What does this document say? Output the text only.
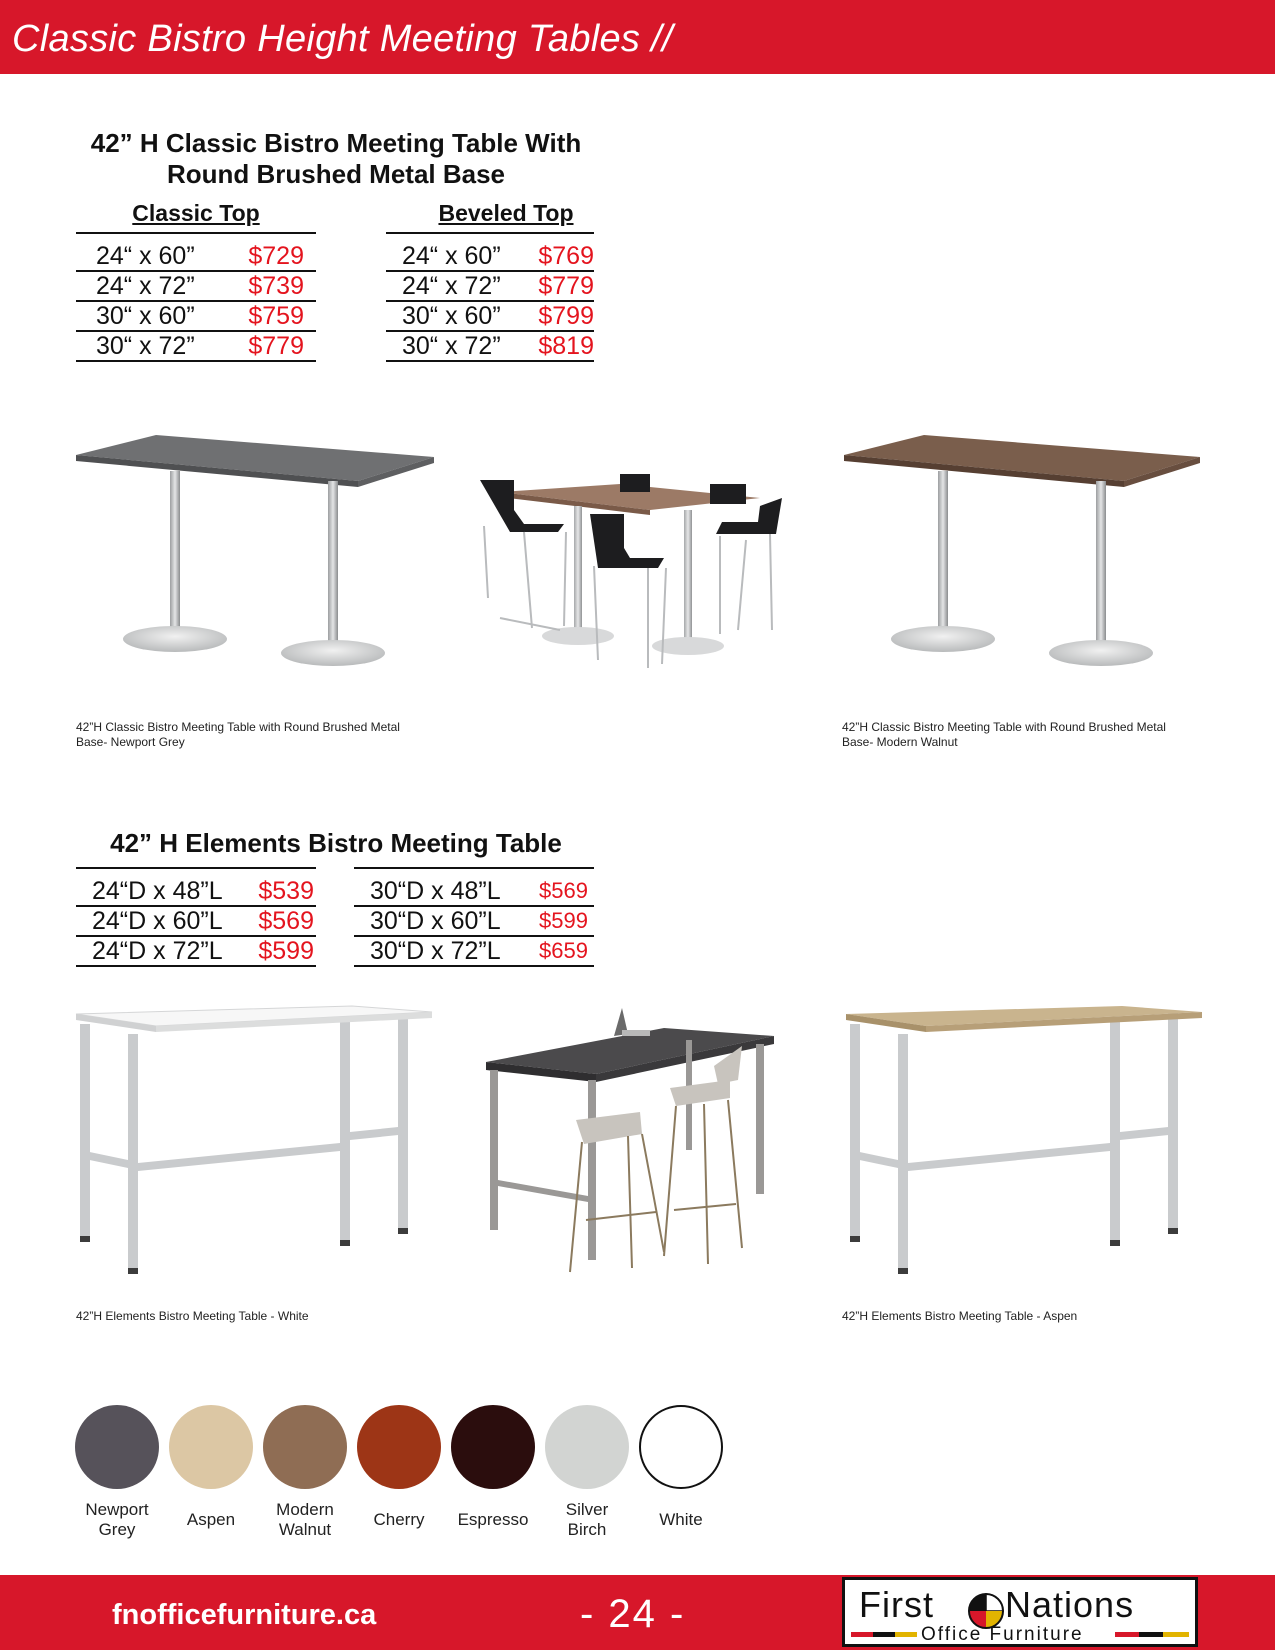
Classic Bistro Height Meeting Tables //
42” H Classic Bistro Meeting Table With
Round Brushed Metal Base
Classic Top	Beveled Top
24“ x 60” $729
24“ x 72” $739
30“ x 60” $759
30“ x 72” $779
24“ x 60” $769
24“ x 72” $779
30“ x 60” $799
30“ x 72” $819
42”H Classic Bistro Meeting Table with Round Brushed Metal Base- Newport Grey
42”H Classic Bistro Meeting Table with Round Brushed Metal Base- Modern Walnut
42” H Elements Bistro Meeting Table
24“D x 48”L $539
24“D x 60”L $569
24“D x 72”L $599
30“D x 48”L $569
30“D x 60”L $599
30“D x 72”L $659
42”H Elements Bistro Meeting Table - White	42”H Elements Bistro Meeting Table - Aspen
Newport
Grey
Aspen
Modern
Walnut
Cherry	Espresso
Silver
Birch
White
fnofficefurniture.ca	- 24 -	First Nations
Office Furniture
